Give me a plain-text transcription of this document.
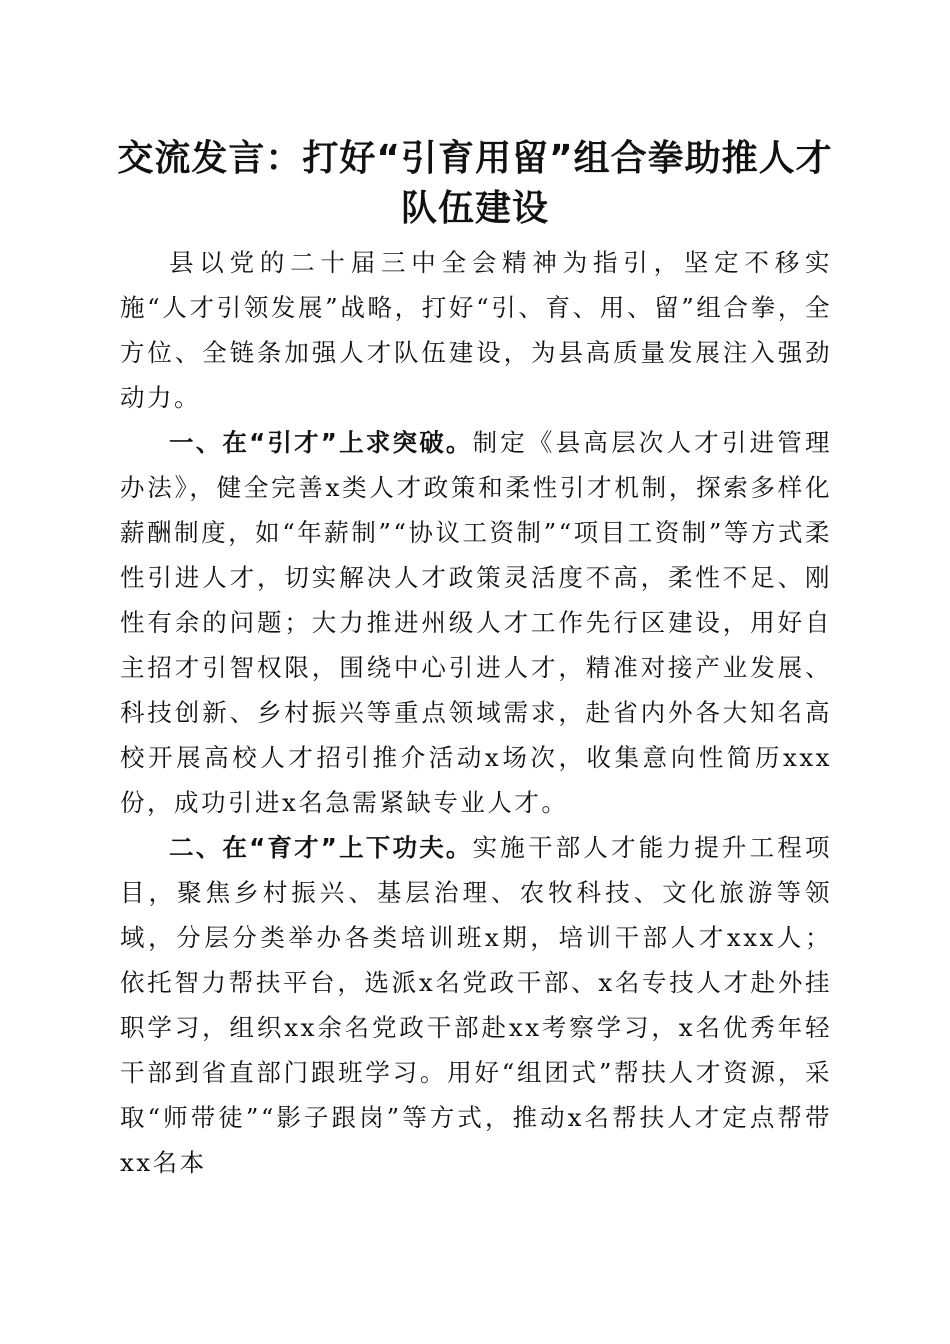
交流发言：打好“引育用留”组合拳助推人才
队伍建设

县以党的二十届三中全会精神为指引，坚定不移实施“人才引领发展”战略，打好“引、育、用、留”组合拳，全方位、全链条加强人才队伍建设，为县高质量发展注入强劲动力。

一、在“引才”上求突破。制定《县高层次人才引进管理办法》，健全完善x类人才政策和柔性引才机制，探索多样化薪酬制度，如“年薪制”“协议工资制”“项目工资制”等方式柔性引进人才，切实解决人才政策灵活度不高，柔性不足、刚性有余的问题；大力推进州级人才工作先行区建设，用好自主招才引智权限，围绕中心引进人才，精准对接产业发展、科技创新、乡村振兴等重点领域需求，赴省内外各大知名高校开展高校人才招引推介活动x场次，收集意向性简历xxx份，成功引进x名急需紧缺专业人才。

二、在“育才”上下功夫。实施干部人才能力提升工程项目，聚焦乡村振兴、基层治理、农牧科技、文化旅游等领域，分层分类举办各类培训班x期，培训干部人才xxx人；依托智力帮扶平台，选派x名党政干部、x名专技人才赴外挂职学习，组织xx余名党政干部赴xx考察学习，x名优秀年轻干部到省直部门跟班学习。用好“组团式”帮扶人才资源，采取“师带徒”“影子跟岗”等方式，推动x名帮扶人才定点帮带xx名本
